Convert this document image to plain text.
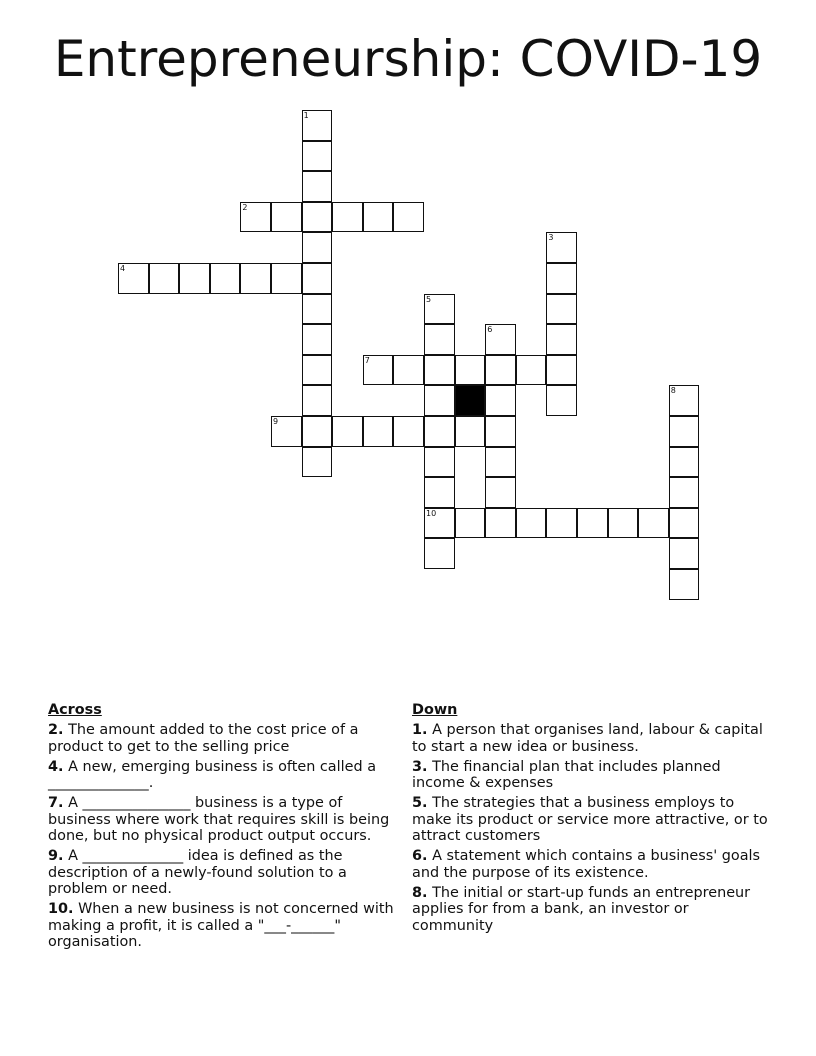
Entrepreneurship: COVID-19
1
2
3
4
5
10
6
7
8
9
Across
2. The amount added to the cost price of a product to get to the selling price
4. A new, emerging business is often called a ______________.
7. A _______________ business is a type of business where work that requires skill is being done, but no physical product output occurs.
9. A ______________ idea is defined as the description of a newly-found solution to a problem or need.
10. When a new business is not concerned with making a profit, it is called a "___-______" organisation.
Down
1. A person that organises land, labour & capital to start a new idea or business.
3. The financial plan that includes planned income & expenses
5. The strategies that a business employs to make its product or service more attractive, or to attract customers
6. A statement which contains a business' goals and the purpose of its existence.
8. The initial or start-up funds an entrepreneur applies for from a bank, an investor or community
